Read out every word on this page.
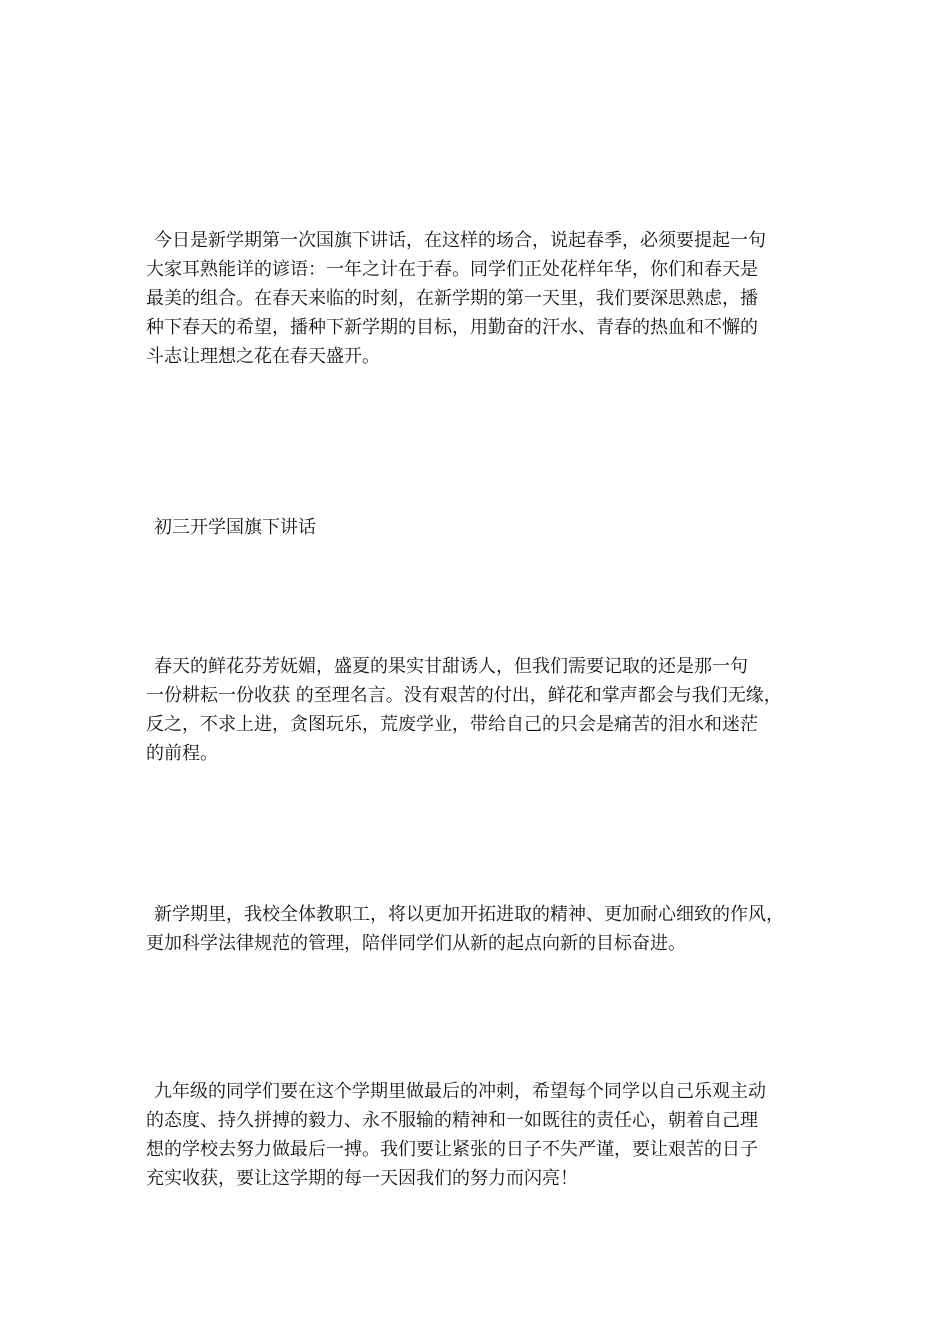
今日是新学期第一次国旗下讲话，在这样的场合，说起春季，必须要提起一句
大家耳熟能详的谚语：一年之计在于春。同学们正处花样年华，你们和春天是
最美的组合。在春天来临的时刻，在新学期的第一天里，我们要深思熟虑，播
种下春天的希望，播种下新学期的目标，用勤奋的汗水、青春的热血和不懈的
斗志让理想之花在春天盛开。
初三开学国旗下讲话
春天的鲜花芬芳妩媚，盛夏的果实甘甜诱人，但我们需要记取的还是那一句
一份耕耘一份收获 的至理名言。没有艰苦的付出，鲜花和掌声都会与我们无缘，
反之，不求上进，贪图玩乐，荒废学业，带给自己的只会是痛苦的泪水和迷茫
的前程。
新学期里，我校全体教职工，将以更加开拓进取的精神、更加耐心细致的作风，
更加科学法律规范的管理，陪伴同学们从新的起点向新的目标奋进。
九年级的同学们要在这个学期里做最后的冲刺，希望每个同学以自己乐观主动
的态度、持久拼搏的毅力、永不服输的精神和一如既往的责任心，朝着自己理
想的学校去努力做最后一搏。我们要让紧张的日子不失严谨，要让艰苦的日子
充实收获，要让这学期的每一天因我们的努力而闪亮！
